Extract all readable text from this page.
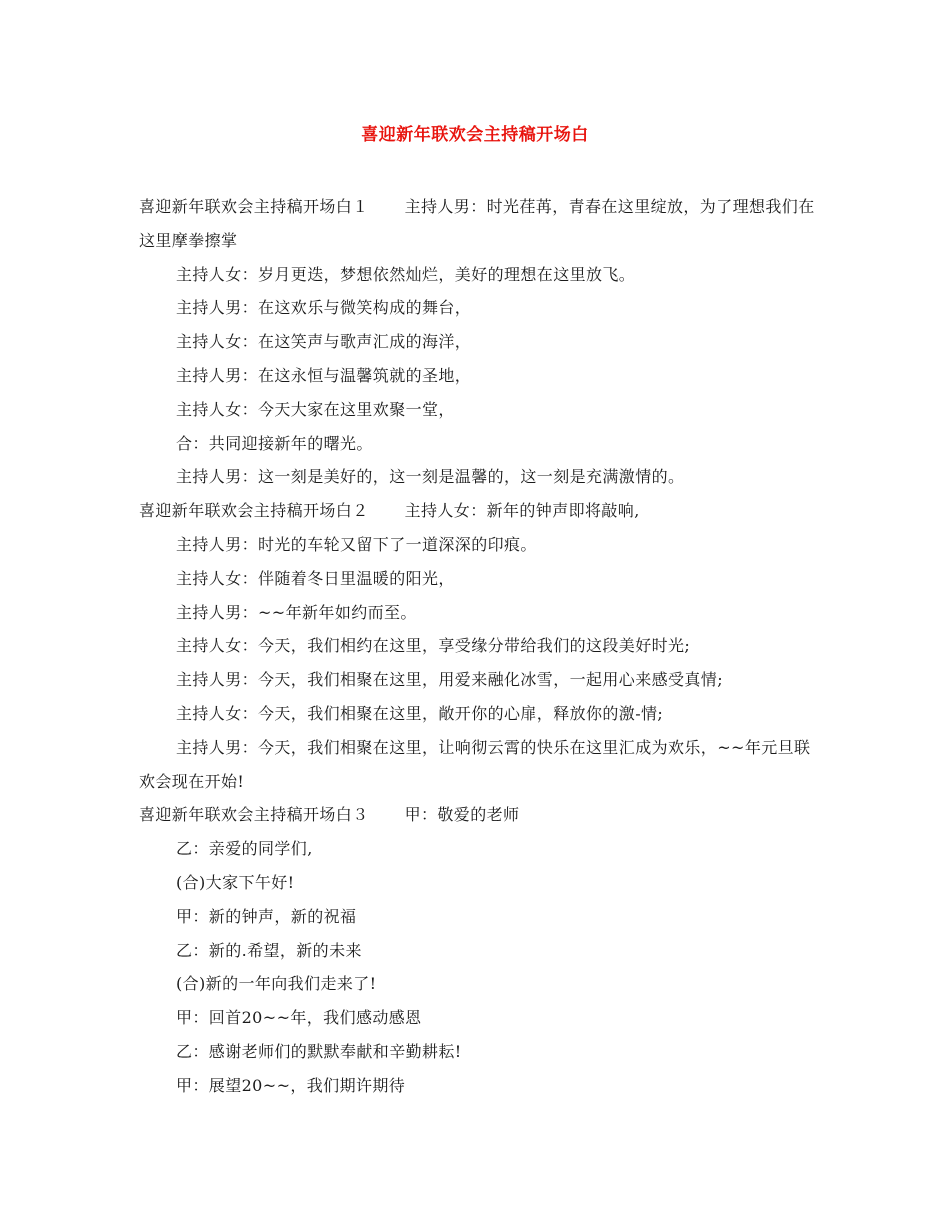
喜迎新年联欢会主持稿开场白

喜迎新年联欢会主持稿开场白１ 主持人男：时光荏苒，青春在这里绽放，为了理想我们在这里摩拳擦掌

主持人女：岁月更迭，梦想依然灿烂，美好的理想在这里放飞。

主持人男：在这欢乐与微笑构成的舞台，

主持人女：在这笑声与歌声汇成的海洋，

主持人男：在这永恒与温馨筑就的圣地，

主持人女：今天大家在这里欢聚一堂，

合：共同迎接新年的曙光。

主持人男：这一刻是美好的，这一刻是温馨的，这一刻是充满激情的。

喜迎新年联欢会主持稿开场白２ 主持人女：新年的钟声即将敲响,

主持人男：时光的车轮又留下了一道深深的印痕。

主持人女：伴随着冬日里温暖的阳光，

主持人男：~~年新年如约而至。

主持人女：今天，我们相约在这里，享受缘分带给我们的这段美好时光;

主持人男：今天，我们相聚在这里，用爱来融化冰雪，一起用心来感受真情;

主持人女：今天，我们相聚在这里，敞开你的心扉，释放你的激-情;

主持人男：今天，我们相聚在这里，让响彻云霄的快乐在这里汇成为欢乐，~~年元旦联欢会现在开始!

喜迎新年联欢会主持稿开场白３ 甲：敬爱的老师

乙：亲爱的同学们,

(合)大家下午好!

甲：新的钟声，新的祝福

乙：新的.希望，新的未来

(合)新的一年向我们走来了!

甲：回首20~~年，我们感动感恩

乙：感谢老师们的默默奉献和辛勤耕耘!

甲：展望20~~，我们期许期待
